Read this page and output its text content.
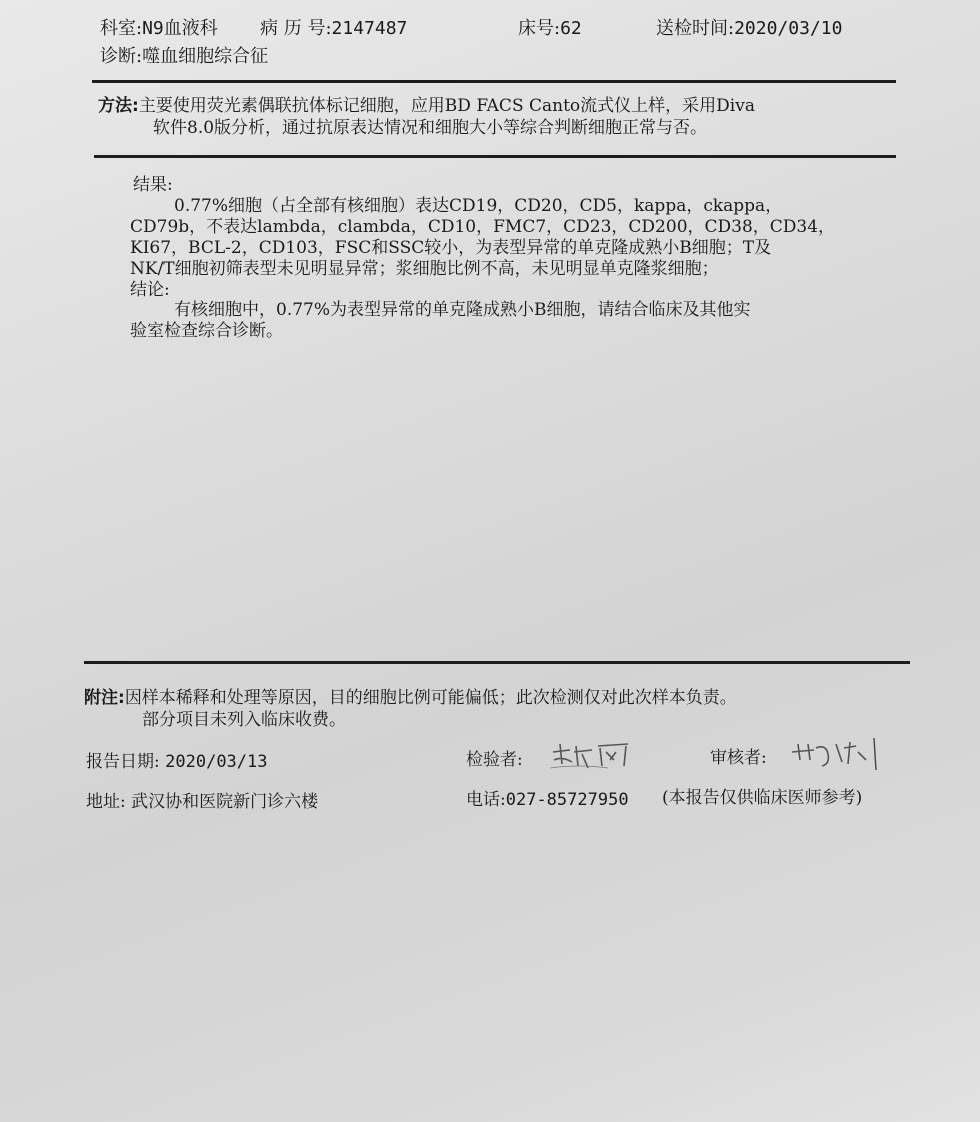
科室:N9血液科 病 历 号:2147487	床号:62	送检时间:2020/03/10
诊断:噬血细胞综合征
方法:主要使用荧光素偶联抗体标记细胞，应用BD FACS Canto流式仪上样，采用Diva
软件8.0版分析，通过抗原表达情况和细胞大小等综合判断细胞正常与否。
结果:
0.77%细胞（占全部有核细胞）表达CD19，CD20，CD5，kappa，ckappa，
CD79b，不表达lambda，clambda，CD10，FMC7，CD23，CD200，CD38，CD34，
KI67，BCL-2，CD103，FSC和SSC较小，为表型异常的单克隆成熟小B细胞；T及
NK/T细胞初筛表型未见明显异常；浆细胞比例不高，未见明显单克隆浆细胞；
结论:
有核细胞中，0.77%为表型异常的单克隆成熟小B细胞，请结合临床及其他实
验室检查综合诊断。
附注:因样本稀释和处理等原因，目的细胞比例可能偏低；此次检测仅对此次样本负责。
部分项目未列入临床收费。
报告日期: 2020/03/13	检验者:	审核者:
地址: 武汉协和医院新门诊六楼	电话:027-85727950 (本报告仅供临床医师参考)
